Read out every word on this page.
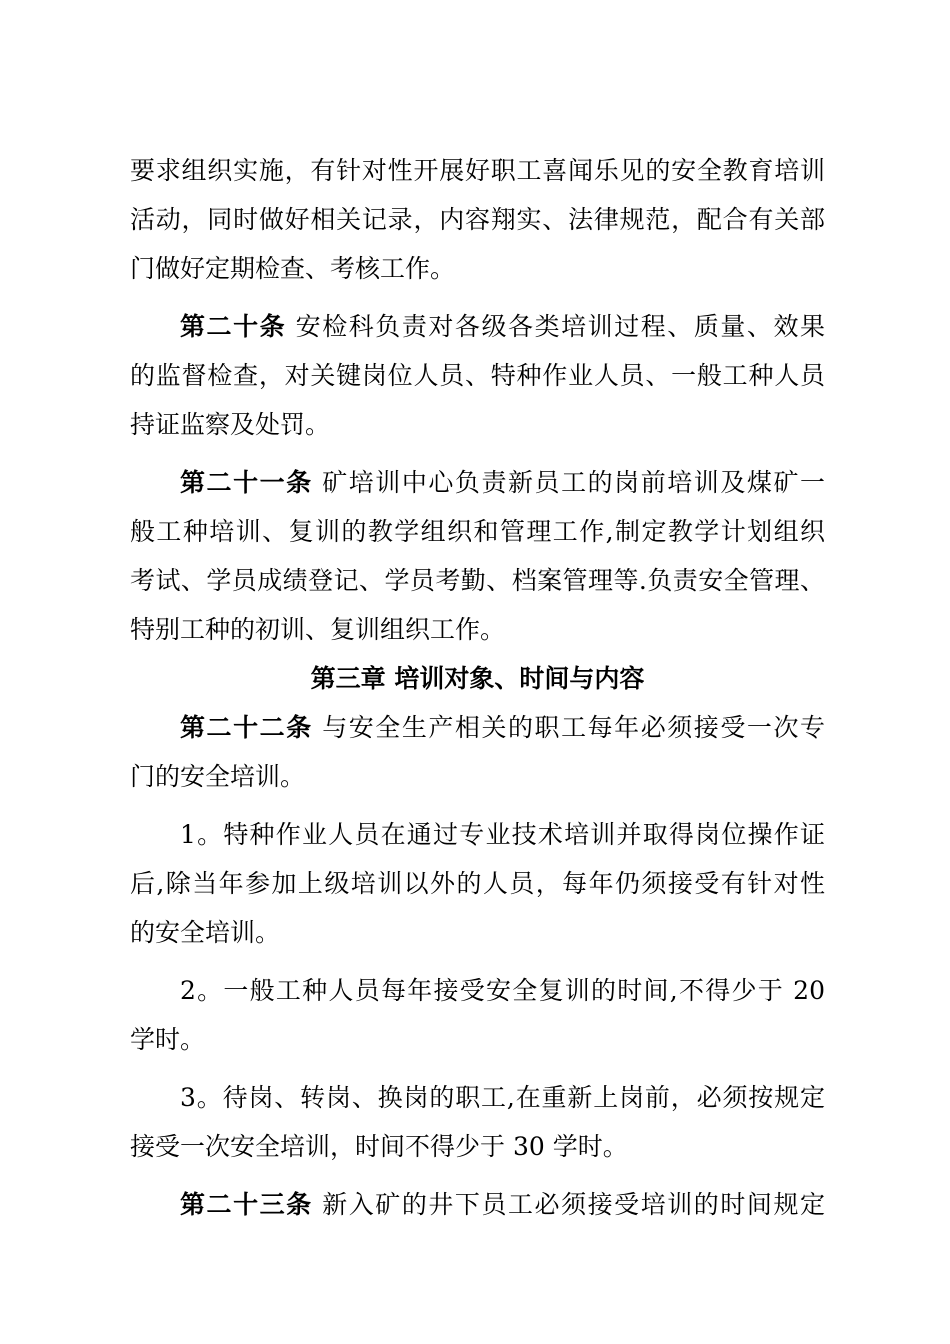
要求组织实施，有针对性开展好职工喜闻乐见的安全教育培训
活动，同时做好相关记录，内容翔实、法律规范，配合有关部
门做好定期检查、考核工作。
第二十条 安检科负责对各级各类培训过程、质量、效果
的监督检查，对关键岗位人员、特种作业人员、一般工种人员
持证监察及处罚。
第二十一条 矿培训中心负责新员工的岗前培训及煤矿一
般工种培训、复训的教学组织和管理工作,制定教学计划组织
考试、学员成绩登记、学员考勤、档案管理等.负责安全管理、
特别工种的初训、复训组织工作。
第三章 培训对象、时间与内容
第二十二条 与安全生产相关的职工每年必须接受一次专
门的安全培训。
1。特种作业人员在通过专业技术培训并取得岗位操作证
后,除当年参加上级培训以外的人员，每年仍须接受有针对性
的安全培训。
2。一般工种人员每年接受安全复训的时间,不得少于 20
学时。
3。待岗、转岗、换岗的职工,在重新上岗前，必须按规定
接受一次安全培训，时间不得少于 30 学时。
第二十三条 新入矿的井下员工必须接受培训的时间规定
